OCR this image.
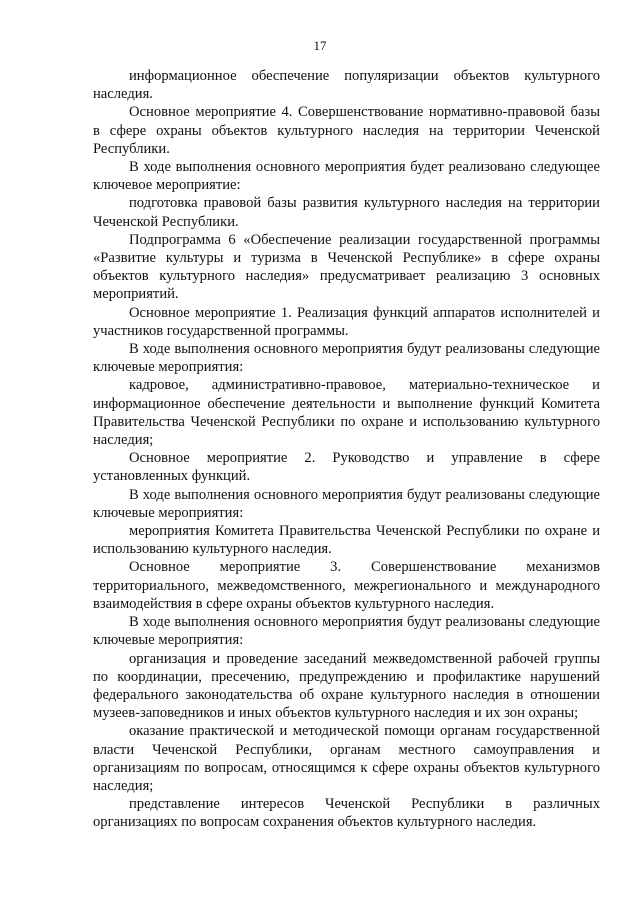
17

информационное обеспечение популяризации объектов культурного наследия.

Основное мероприятие 4. Совершенствование нормативно-правовой базы в сфере охраны объектов культурного наследия на территории Чеченской Республики.

В ходе выполнения основного мероприятия будет реализовано следующее ключевое мероприятие:

подготовка правовой базы развития культурного наследия на территории Чеченской Республики.

Подпрограмма 6 «Обеспечение реализации государственной программы «Развитие культуры и туризма в Чеченской Республике» в сфере охраны объектов культурного наследия» предусматривает реализацию 3 основных мероприятий.

Основное мероприятие 1. Реализация функций аппаратов исполнителей и участников государственной программы.

В ходе выполнения основного мероприятия будут реализованы следующие ключевые мероприятия:

кадровое, административно-правовое, материально-техническое и информационное обеспечение деятельности и выполнение функций Комитета Правительства Чеченской Республики по охране и использованию культурного наследия;

Основное мероприятие 2. Руководство и управление в сфере установленных функций.

В ходе выполнения основного мероприятия будут реализованы следующие ключевые мероприятия:

мероприятия Комитета Правительства Чеченской Республики по охране и использованию культурного наследия.

Основное мероприятие 3. Совершенствование механизмов территориального, межведомственного, межрегионального и международного взаимодействия в сфере охраны объектов культурного наследия.

В ходе выполнения основного мероприятия будут реализованы следующие ключевые мероприятия:

организация и проведение заседаний межведомственной рабочей группы по координации, пресечению, предупреждению и профилактике нарушений федерального законодательства об охране культурного наследия в отношении музеев-заповедников и иных объектов культурного наследия и их зон охраны;

оказание практической и методической помощи органам государственной власти Чеченской Республики, органам местного самоуправления и организациям по вопросам, относящимся к сфере охраны объектов культурного наследия;

представление интересов Чеченской Республики в различных организациях по вопросам сохранения объектов культурного наследия.
